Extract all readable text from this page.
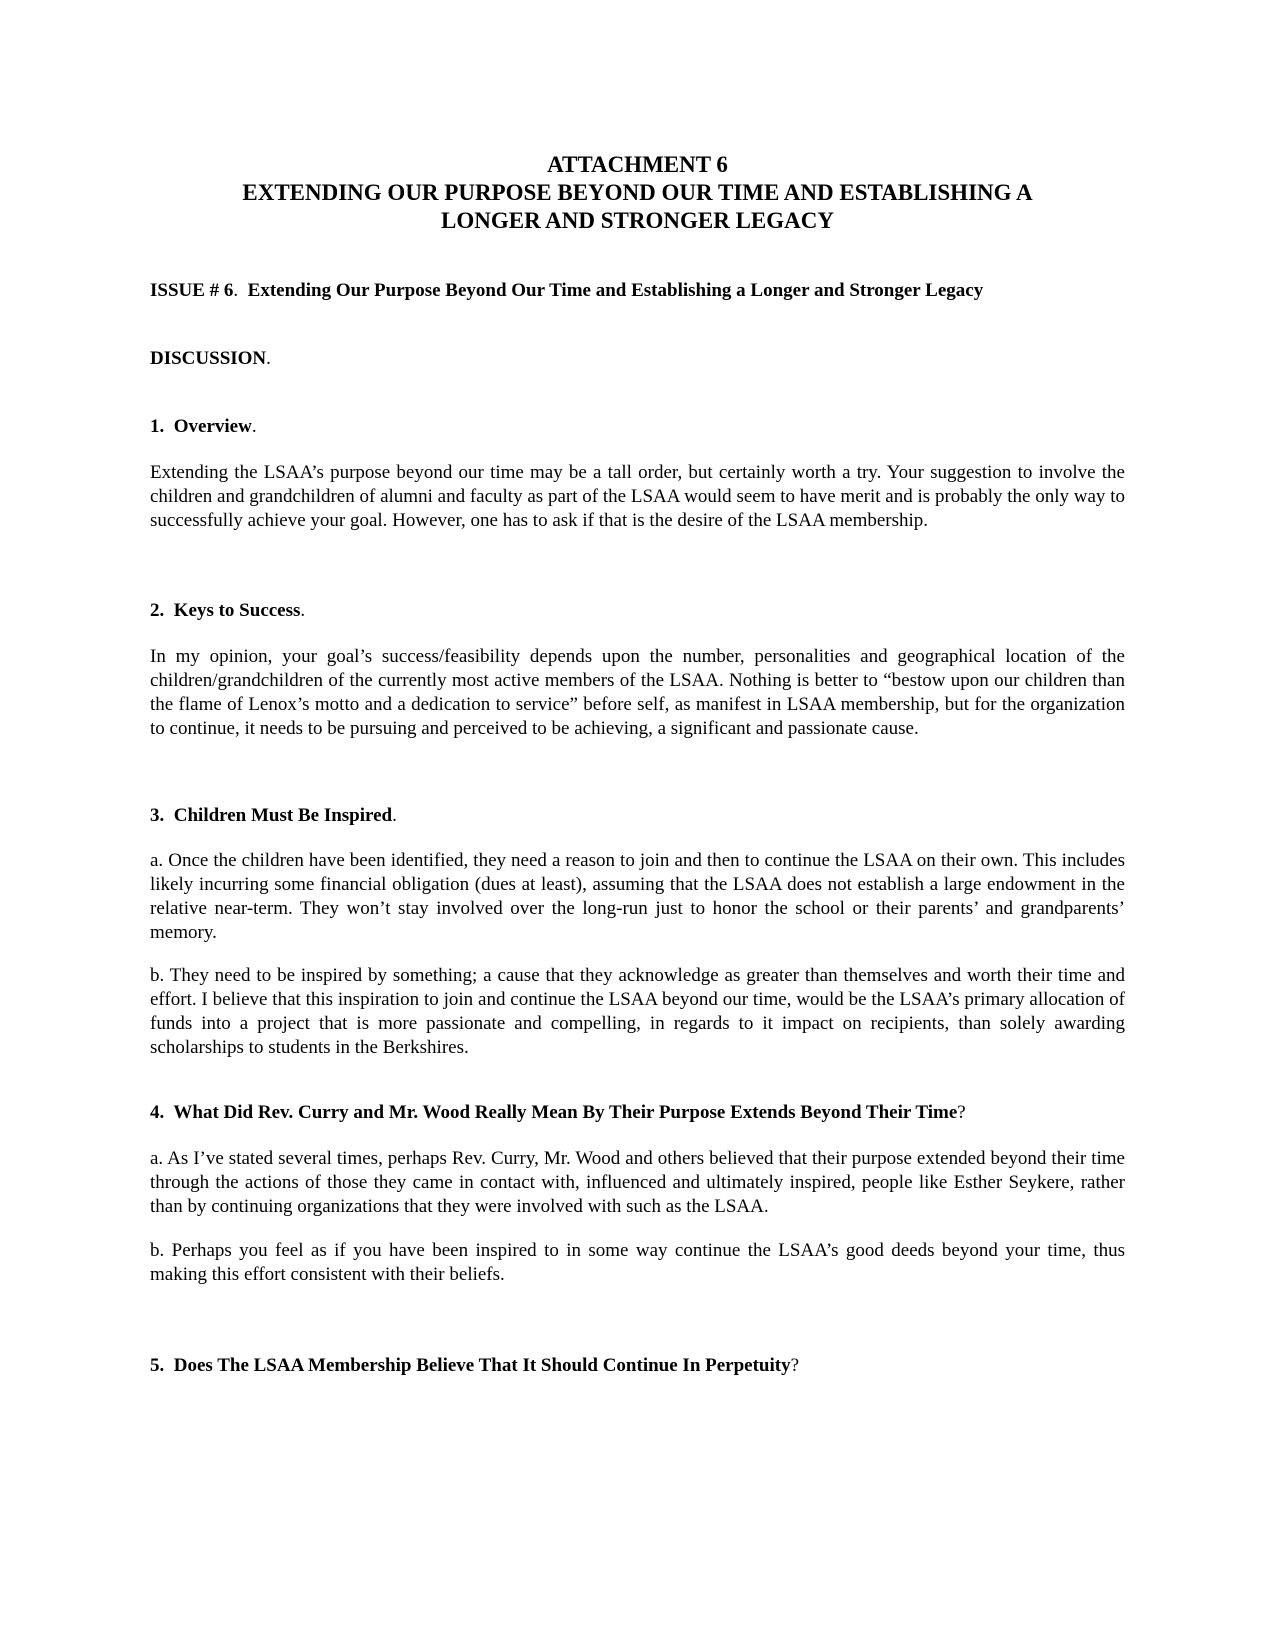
ATTACHMENT 6
EXTENDING OUR PURPOSE BEYOND OUR TIME AND ESTABLISHING A
LONGER AND STRONGER LEGACY

ISSUE # 6.  Extending Our Purpose Beyond Our Time and Establishing a Longer and Stronger Legacy

DISCUSSION.

1.  Overview.

Extending the LSAA’s purpose beyond our time may be a tall order, but certainly worth a try. Your suggestion to involve the children and grandchildren of alumni and faculty as part of the LSAA would seem to have merit and is probably the only way to successfully achieve your goal. However, one has to ask if that is the desire of the LSAA membership.

2.  Keys to Success.

In my opinion, your goal’s success/feasibility depends upon the number, personalities and geographical location of the children/grandchildren of the currently most active members of the LSAA. Nothing is better to “bestow upon our children than the flame of Lenox’s motto and a dedication to service” before self, as manifest in LSAA membership, but for the organization to continue, it needs to be pursuing and perceived to be achieving, a significant and passionate cause.

3.  Children Must Be Inspired.

a. Once the children have been identified, they need a reason to join and then to continue the LSAA on their own. This includes likely incurring some financial obligation (dues at least), assuming that the LSAA does not establish a large endowment in the relative near-term. They won’t stay involved over the long-run just to honor the school or their parents’ and grandparents’ memory.

b. They need to be inspired by something; a cause that they acknowledge as greater than themselves and worth their time and effort. I believe that this inspiration to join and continue the LSAA beyond our time, would be the LSAA’s primary allocation of funds into a project that is more passionate and compelling, in regards to it impact on recipients, than solely awarding scholarships to students in the Berkshires.

4.  What Did Rev. Curry and Mr. Wood Really Mean By Their Purpose Extends Beyond Their Time?

a. As I’ve stated several times, perhaps Rev. Curry, Mr. Wood and others believed that their purpose extended beyond their time through the actions of those they came in contact with, influenced and ultimately inspired, people like Esther Seykere, rather than by continuing organizations that they were involved with such as the LSAA.

b. Perhaps you feel as if you have been inspired to in some way continue the LSAA’s good deeds beyond your time, thus making this effort consistent with their beliefs.

5.  Does The LSAA Membership Believe That It Should Continue In Perpetuity?
